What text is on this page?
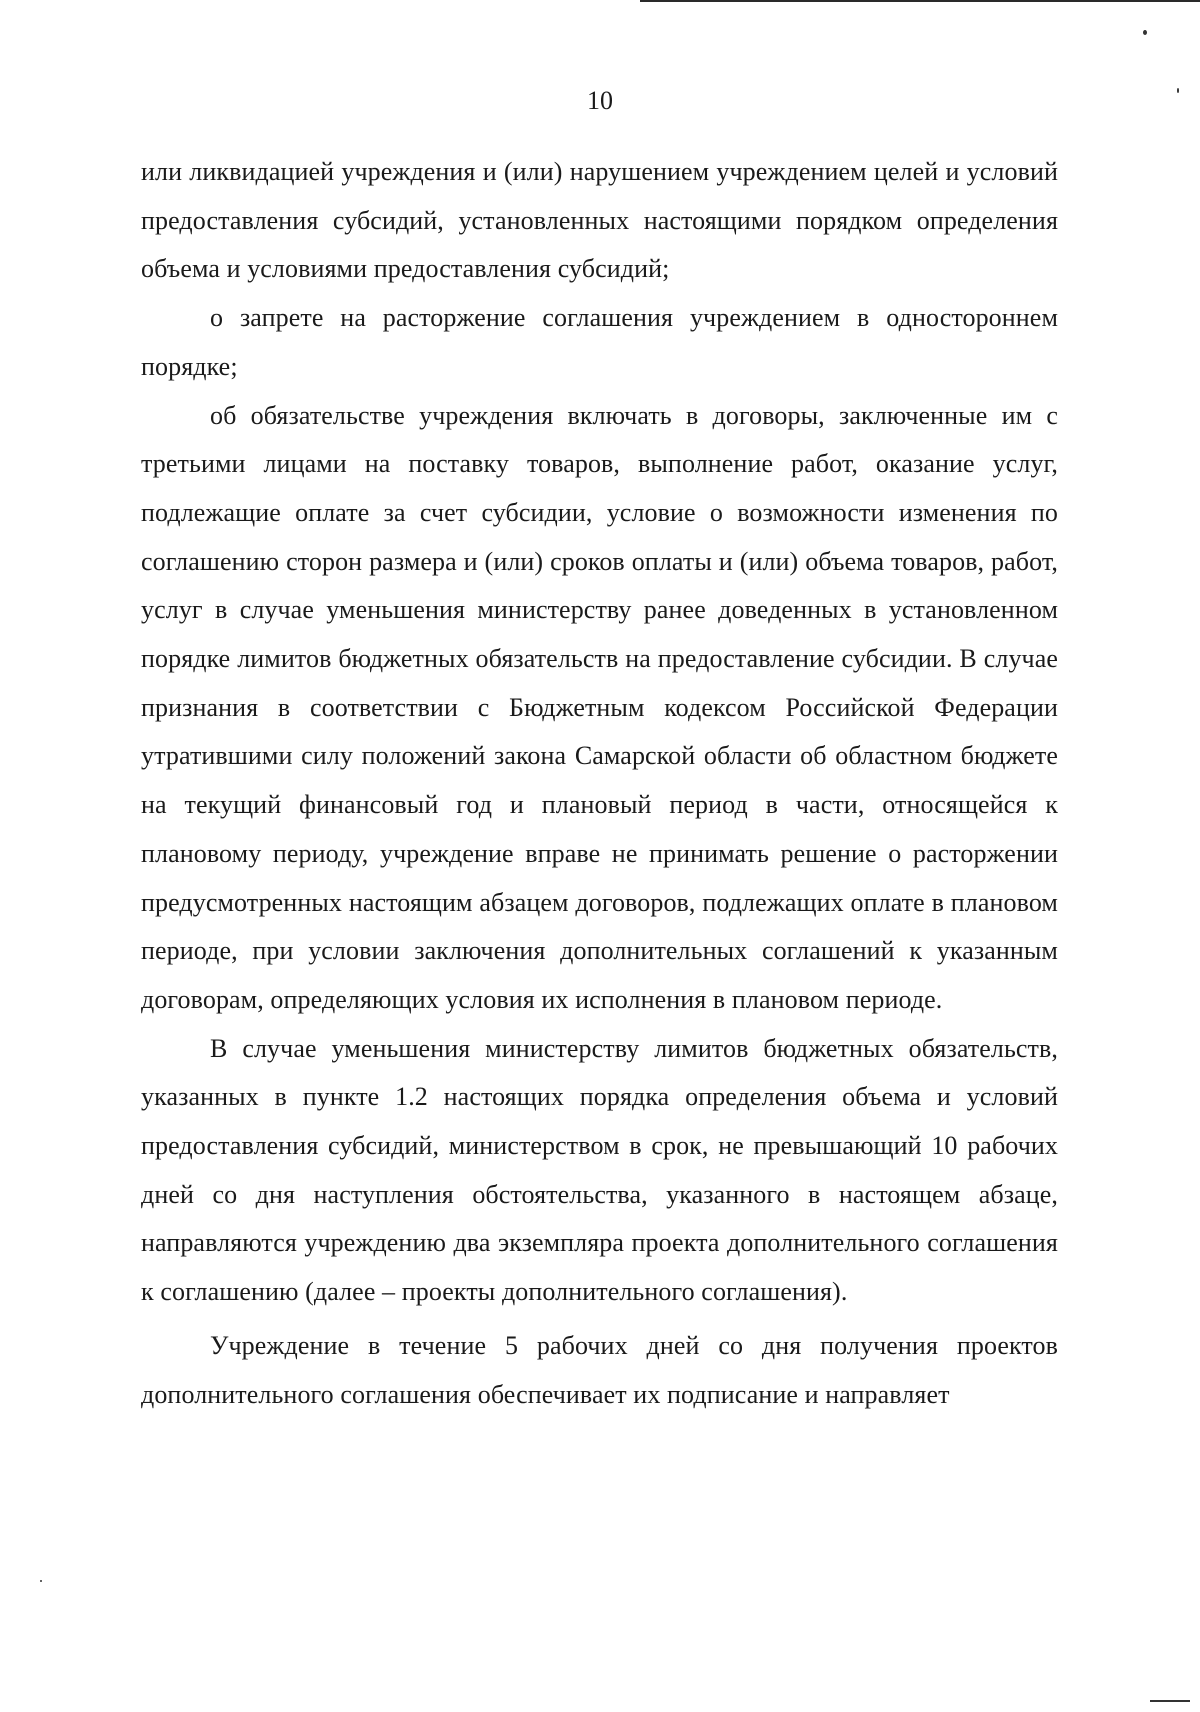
10

или ликвидацией учреждения и (или) нарушением учреждением целей и условий предоставления субсидий, установленных настоящими порядком определения объема и условиями предоставления субсидий;

о запрете на расторжение соглашения учреждением в одностороннем порядке;

об обязательстве учреждения включать в договоры, заключенные им с третьими лицами на поставку товаров, выполнение работ, оказание услуг, подлежащие оплате за счет субсидии, условие о возможности изменения по соглашению сторон размера и (или) сроков оплаты и (или) объема товаров, работ, услуг в случае уменьшения министерству ранее доведенных в установленном порядке лимитов бюджетных обязательств на предоставление субсидии. В случае признания в соответствии с Бюджетным кодексом Российской Федерации утратившими силу положений закона Самарской области об областном бюджете на текущий финансовый год и плановый период в части, относящейся к плановому периоду, учреждение вправе не принимать решение о расторжении предусмотренных настоящим абзацем договоров, подлежащих оплате в плановом периоде, при условии заключения дополнительных соглашений к указанным договорам, определяющих условия их исполнения в плановом периоде.

В случае уменьшения министерству лимитов бюджетных обязательств, указанных в пункте 1.2 настоящих порядка определения объема и условий предоставления субсидий, министерством в срок, не превышающий 10 рабочих дней со дня наступления обстоятельства, указанного в настоящем абзаце, направляются учреждению два экземпляра проекта дополнительного соглашения к соглашению (далее – проекты дополнительного соглашения).

Учреждение в течение 5 рабочих дней со дня получения проектов дополнительного соглашения обеспечивает их подписание и направляет
